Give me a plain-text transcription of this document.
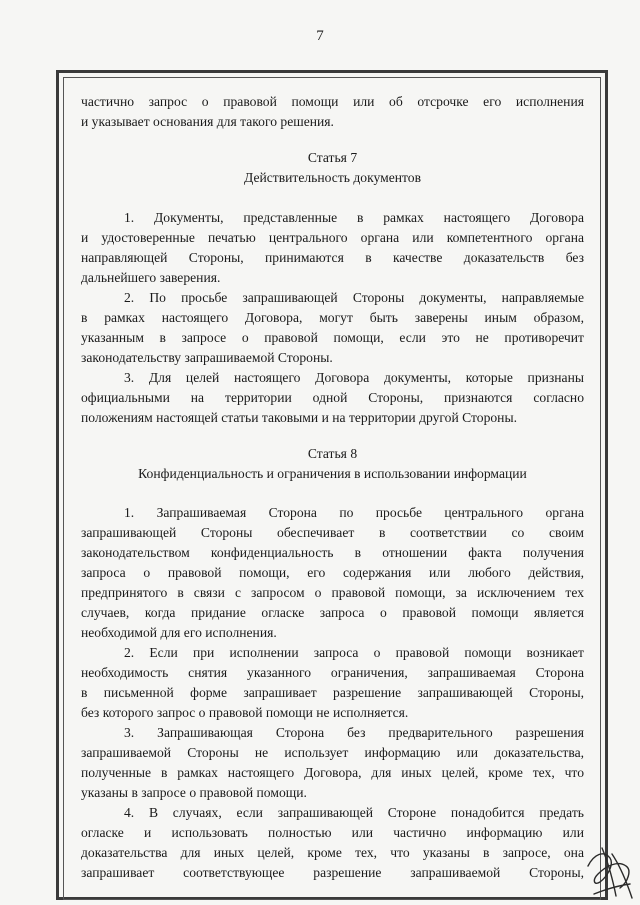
7

частично запрос о правовой помощи или об отсрочке его исполнения

и указывает основания для такого решения.

Статья 7

Действительность документов

1. Документы, представленные в рамках настоящего Договора

и удостоверенные печатью центрального органа или компетентного органа

направляющей Стороны, принимаются в качестве доказательств без

дальнейшего заверения.

2. По просьбе запрашивающей Стороны документы, направляемые

в рамках настоящего Договора, могут быть заверены иным образом,

указанным в запросе о правовой помощи, если это не противоречит

законодательству запрашиваемой Стороны.

3. Для целей настоящего Договора документы, которые признаны

официальными на территории одной Стороны, признаются согласно

положениям настоящей статьи таковыми и на территории другой Стороны.

Статья 8

Конфиденциальность и ограничения в использовании информации

1. Запрашиваемая Сторона по просьбе центрального органа

запрашивающей Стороны обеспечивает в соответствии со своим

законодательством конфиденциальность в отношении факта получения

запроса о правовой помощи, его содержания или любого действия,

предпринятого в связи с запросом о правовой помощи, за исключением тех

случаев, когда придание огласке запроса о правовой помощи является

необходимой для его исполнения.

2. Если при исполнении запроса о правовой помощи возникает

необходимость снятия указанного ограничения, запрашиваемая Сторона

в письменной форме запрашивает разрешение запрашивающей Стороны,

без которого запрос о правовой помощи не исполняется.

3. Запрашивающая Сторона без предварительного разрешения

запрашиваемой Стороны не использует информацию или доказательства,

полученные в рамках настоящего Договора, для иных целей, кроме тех, что

указаны в запросе о правовой помощи.

4. В случаях, если запрашивающей Стороне понадобится предать

огласке и использовать полностью или частично информацию или

доказательства для иных целей, кроме тех, что указаны в запросе, она

запрашивает соответствующее разрешение запрашиваемой Стороны,
